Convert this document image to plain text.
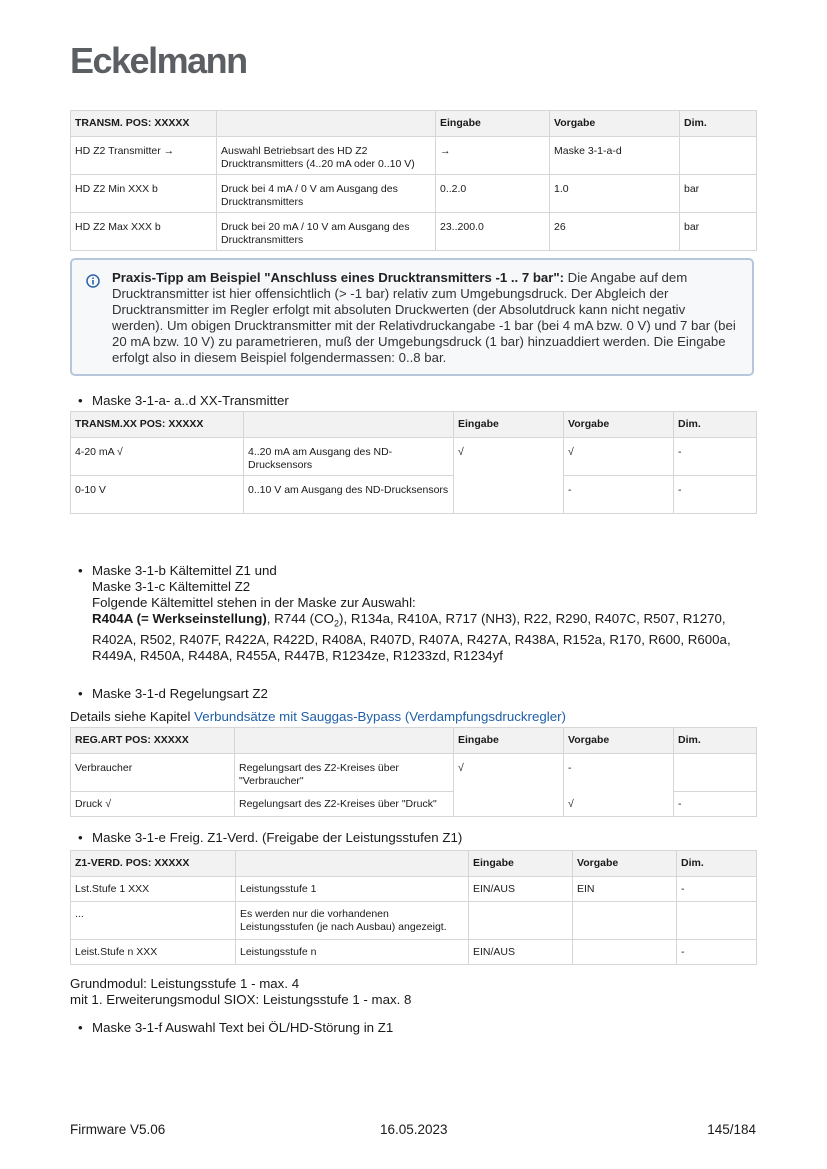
Eckelmann
TRANSM. POS: XXXXX		Eingabe	Vorgabe	Dim.
HD Z2 Transmitter →	Auswahl Betriebsart des HD Z2 Drucktransmitters (4..20 mA oder 0..10 V)	→	Maske 3-1-a-d	
HD Z2 Min XXX b	Druck bei 4 mA / 0 V am Ausgang des Drucktransmitters	0..2.0	1.0	bar
HD Z2 Max XXX b	Druck bei 20 mA / 10 V am Ausgang des Drucktransmitters	23..200.0	26	bar
Praxis-Tipp am Beispiel "Anschluss eines Drucktransmitters -1 .. 7 bar": Die Angabe auf dem Drucktransmitter ist hier offensichtlich (> -1 bar) relativ zum Umgebungsdruck. Der Abgleich der Drucktransmitter im Regler erfolgt mit absoluten Druckwerten (der Absolutdruck kann nicht negativ werden). Um obigen Drucktransmitter mit der Relativdruckangabe -1 bar (bei 4 mA bzw. 0 V) und 7 bar (bei 20 mA bzw. 10 V) zu parametrieren, muß der Umgebungsdruck (1 bar) hinzuaddiert werden. Die Eingabe erfolgt also in diesem Beispiel folgendermassen: 0..8 bar.
• Maske 3-1-a- a..d XX-Transmitter
TRANSM.XX POS: XXXXX		Eingabe	Vorgabe	Dim.
4-20 mA √	4..20 mA am Ausgang des ND-Drucksensors	√	√	-
0-10 V	0..10 V am Ausgang des ND-Drucksensors		-	-
• Maske 3-1-b Kältemittel Z1 und
Maske 3-1-c Kältemittel Z2
Folgende Kältemittel stehen in der Maske zur Auswahl:
R404A (= Werkseinstellung), R744 $(CO_2)$, R134a, R410A, R717 (NH3), R22, R290, R407C, R507, R1270, R402A, R502, R407F, R422A, R422D, R408A, R407D, R407A, R427A, R438A, R152a, R170, R600, R600a, R449A, R450A, R448A, R455A, R447B, R1234ze, R1233zd, R1234yf
• Maske 3-1-d Regelungsart Z2
Details siehe Kapitel Verbundsätze mit Sauggas-Bypass (Verdampfungsdruckregler)
REG.ART POS: XXXXX		Eingabe	Vorgabe	Dim.
Verbraucher	Regelungsart des Z2-Kreises über "Verbraucher"	√	-	
Druck √	Regelungsart des Z2-Kreises über "Druck"		√	-
• Maske 3-1-e Freig. Z1-Verd. (Freigabe der Leistungsstufen Z1)
Z1-VERD. POS: XXXXX		Eingabe	Vorgabe	Dim.
Lst.Stufe 1 XXX	Leistungsstufe 1	EIN/AUS	EIN	-
...	Es werden nur die vorhandenen Leistungsstufen (je nach Ausbau) angezeigt.			
Leist.Stufe n XXX	Leistungsstufe n	EIN/AUS		-
Grundmodul: Leistungsstufe 1 - max. 4
mit 1. Erweiterungsmodul SIOX: Leistungsstufe 1 - max. 8
• Maske 3-1-f Auswahl Text bei ÖL/HD-Störung in Z1
Firmware V5.06	16.05.2023	145/184
